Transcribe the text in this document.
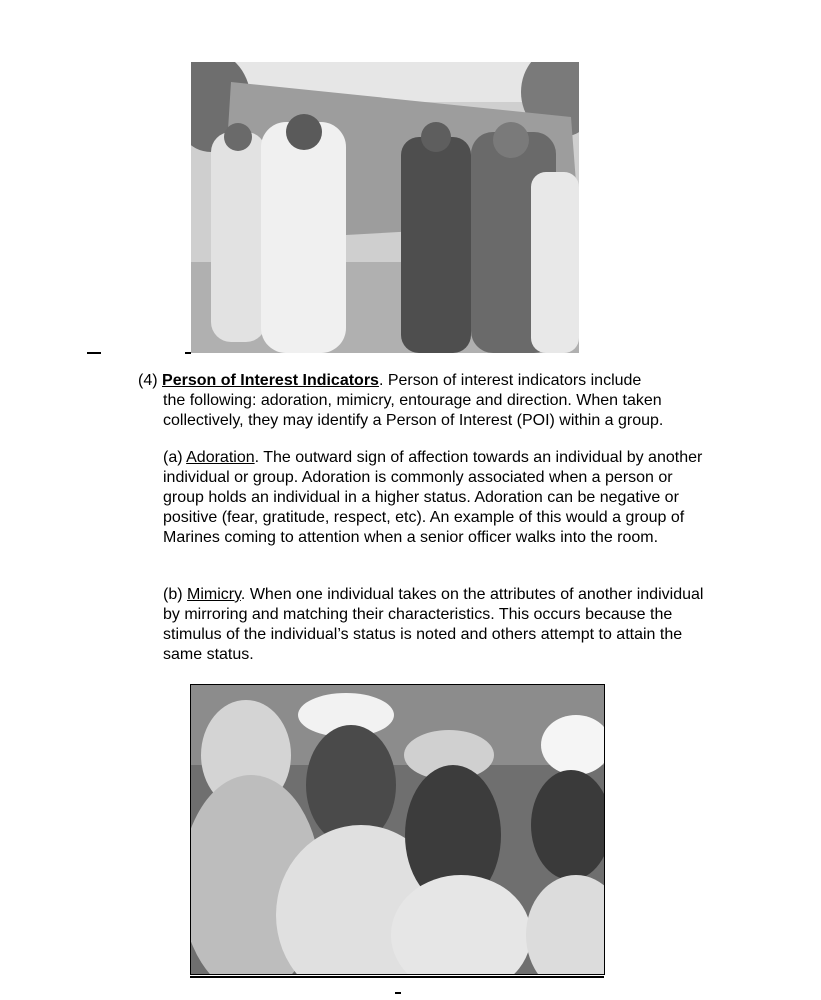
(4) Person of Interest Indicators. Person of interest indicators include
the following: adoration, mimicry, entourage and direction. When taken collectively, they may identify a Person of Interest (POI) within a group.

(a) Adoration. The outward sign of affection towards an individual by another individual or group. Adoration is commonly associated when a person or group holds an individual in a higher status. Adoration can be negative or positive (fear, gratitude, respect, etc). An example of this would a group of Marines coming to attention when a senior officer walks into the room.

(b) Mimicry. When one individual takes on the attributes of another individual by mirroring and matching their characteristics. This occurs because the stimulus of the individual’s status is noted and others attempt to attain the same status.

`
